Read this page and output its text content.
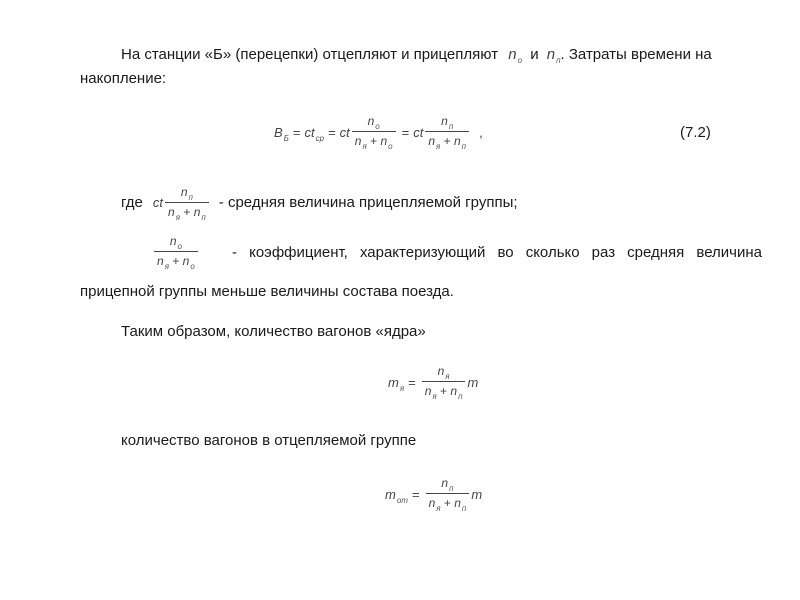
На станции «Б» (перецепки) отцепляют и прицепляют $n_o$ и $n_п$. Затраты времени на
накопление:
$В_Б = ct_{ср}$ = ct $\frac{n_o}{n_я + n_o}$ = ct $\frac{n_п}{n_я + n_п}$ ,	(7.2)
где ct $\frac{n_п}{n_я + n_п}$ - средняя величина прицепляемой группы;
$\frac{n_o}{n_я + n_o}$ - коэффициент, характеризующий во сколько раз средняя величина
прицепной группы меньше величины состава поезда.
Таким образом, количество вагонов «ядра»
$m_я = \frac{n_я}{n_я + n_п}$ m
количество вагонов в отцепляемой группе
$m_{от} = \frac{n_п}{n_я + n_п}$ m
